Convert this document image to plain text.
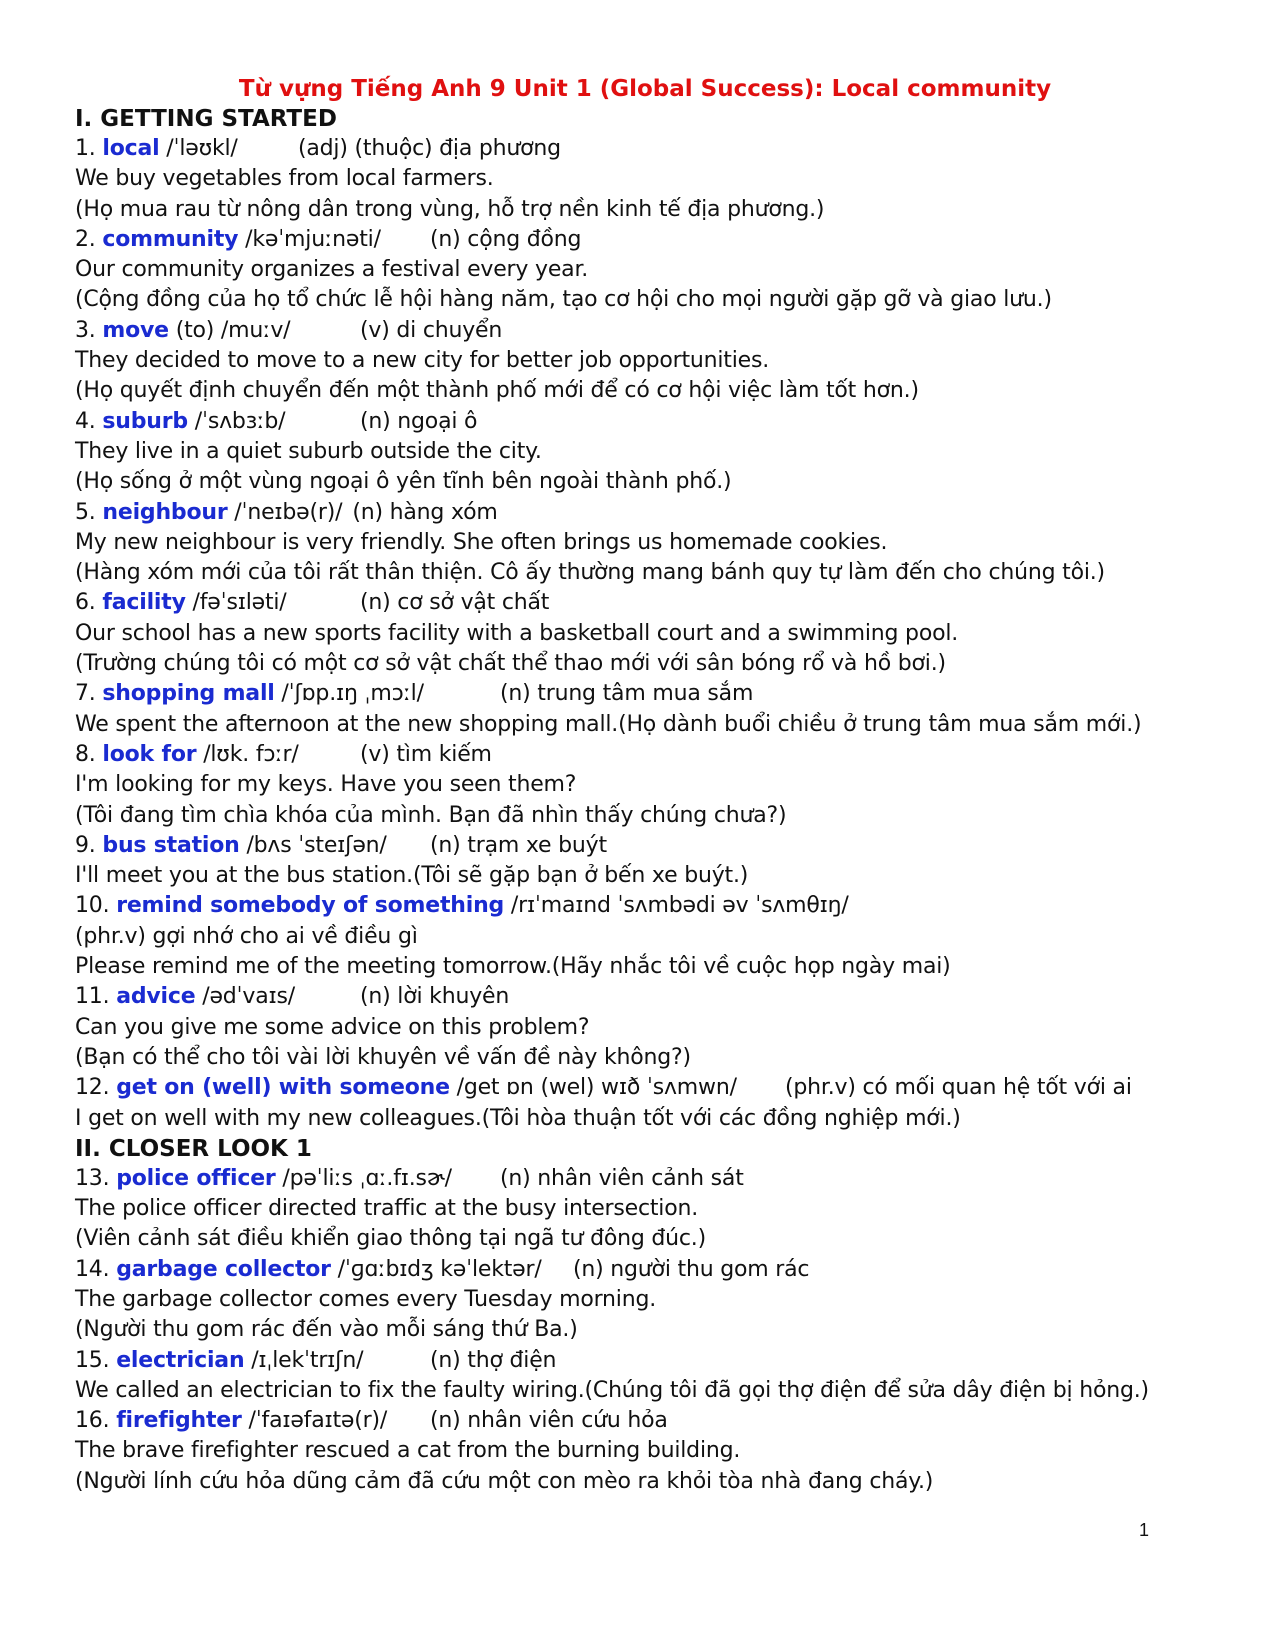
Từ vựng Tiếng Anh 9 Unit 1 (Global Success): Local community
I. GETTING STARTED
1. local /ˈləʊkl/	(adj) (thuộc) địa phương
We buy vegetables from local farmers.
(Họ mua rau từ nông dân trong vùng, hỗ trợ nền kinh tế địa phương.)
2. community /kəˈmjuːnəti/ (n) cộng đồng
Our community organizes a festival every year.
(Cộng đồng của họ tổ chức lễ hội hàng năm, tạo cơ hội cho mọi người gặp gỡ và giao lưu.)
3. move (to) /muːv/	(v) di chuyển
They decided to move to a new city for better job opportunities.
(Họ quyết định chuyển đến một thành phố mới để có cơ hội việc làm tốt hơn.)
4. suburb /ˈsʌbɜːb/	(n) ngoại ô
They live in a quiet suburb outside the city.
(Họ sống ở một vùng ngoại ô yên tĩnh bên ngoài thành phố.)
5. neighbour /ˈneɪbə(r)/ (n) hàng xóm
My new neighbour is very friendly. She often brings us homemade cookies.
(Hàng xóm mới của tôi rất thân thiện. Cô ấy thường mang bánh quy tự làm đến cho chúng tôi.)
6. facility /fəˈsɪləti/	(n) cơ sở vật chất
Our school has a new sports facility with a basketball court and a swimming pool.
(Trường chúng tôi có một cơ sở vật chất thể thao mới với sân bóng rổ và hồ bơi.)
7. shopping mall /ˈʃɒp.ɪŋ ˌmɔːl/	(n) trung tâm mua sắm
We spent the afternoon at the new shopping mall.(Họ dành buổi chiều ở trung tâm mua sắm mới.)
8. look for /lʊk. fɔːr/	(v) tìm kiếm
I'm looking for my keys. Have you seen them?
(Tôi đang tìm chìa khóa của mình. Bạn đã nhìn thấy chúng chưa?)
9. bus station /bʌs ˈsteɪʃən/ (n) trạm xe buýt
I'll meet you at the bus station.(Tôi sẽ gặp bạn ở bến xe buýt.)
10. remind somebody of something /rɪˈmaɪnd ˈsʌmbədi əv ˈsʌmθɪŋ/
(phr.v) gợi nhớ cho ai về điều gì
Please remind me of the meeting tomorrow.(Hãy nhắc tôi về cuộc họp ngày mai)
11. advice /ədˈvaɪs/	(n) lời khuyên
Can you give me some advice on this problem?
(Bạn có thể cho tôi vài lời khuyên về vấn đề này không?)
12. get on (well) with someone /get ɒn (wel) wɪð ˈsʌmwn/ (phr.v) có mối quan hệ tốt với ai
I get on well with my new colleagues.(Tôi hòa thuận tốt với các đồng nghiệp mới.)
II. CLOSER LOOK 1
13. police officer /pəˈliːs ˌɑː.fɪ.sɚ/ (n) nhân viên cảnh sát
The police officer directed traffic at the busy intersection.
(Viên cảnh sát điều khiển giao thông tại ngã tư đông đúc.)
14. garbage collector /ˈɡɑːbɪdʒ kəˈlektər/ (n) người thu gom rác
The garbage collector comes every Tuesday morning.
(Người thu gom rác đến vào mỗi sáng thứ Ba.)
15. electrician /ɪˌlekˈtrɪʃn/	(n) thợ điện
We called an electrician to fix the faulty wiring.(Chúng tôi đã gọi thợ điện để sửa dây điện bị hỏng.)
16. firefighter /ˈfaɪəfaɪtə(r)/ (n) nhân viên cứu hỏa
The brave firefighter rescued a cat from the burning building.
(Người lính cứu hỏa dũng cảm đã cứu một con mèo ra khỏi tòa nhà đang cháy.)
1
